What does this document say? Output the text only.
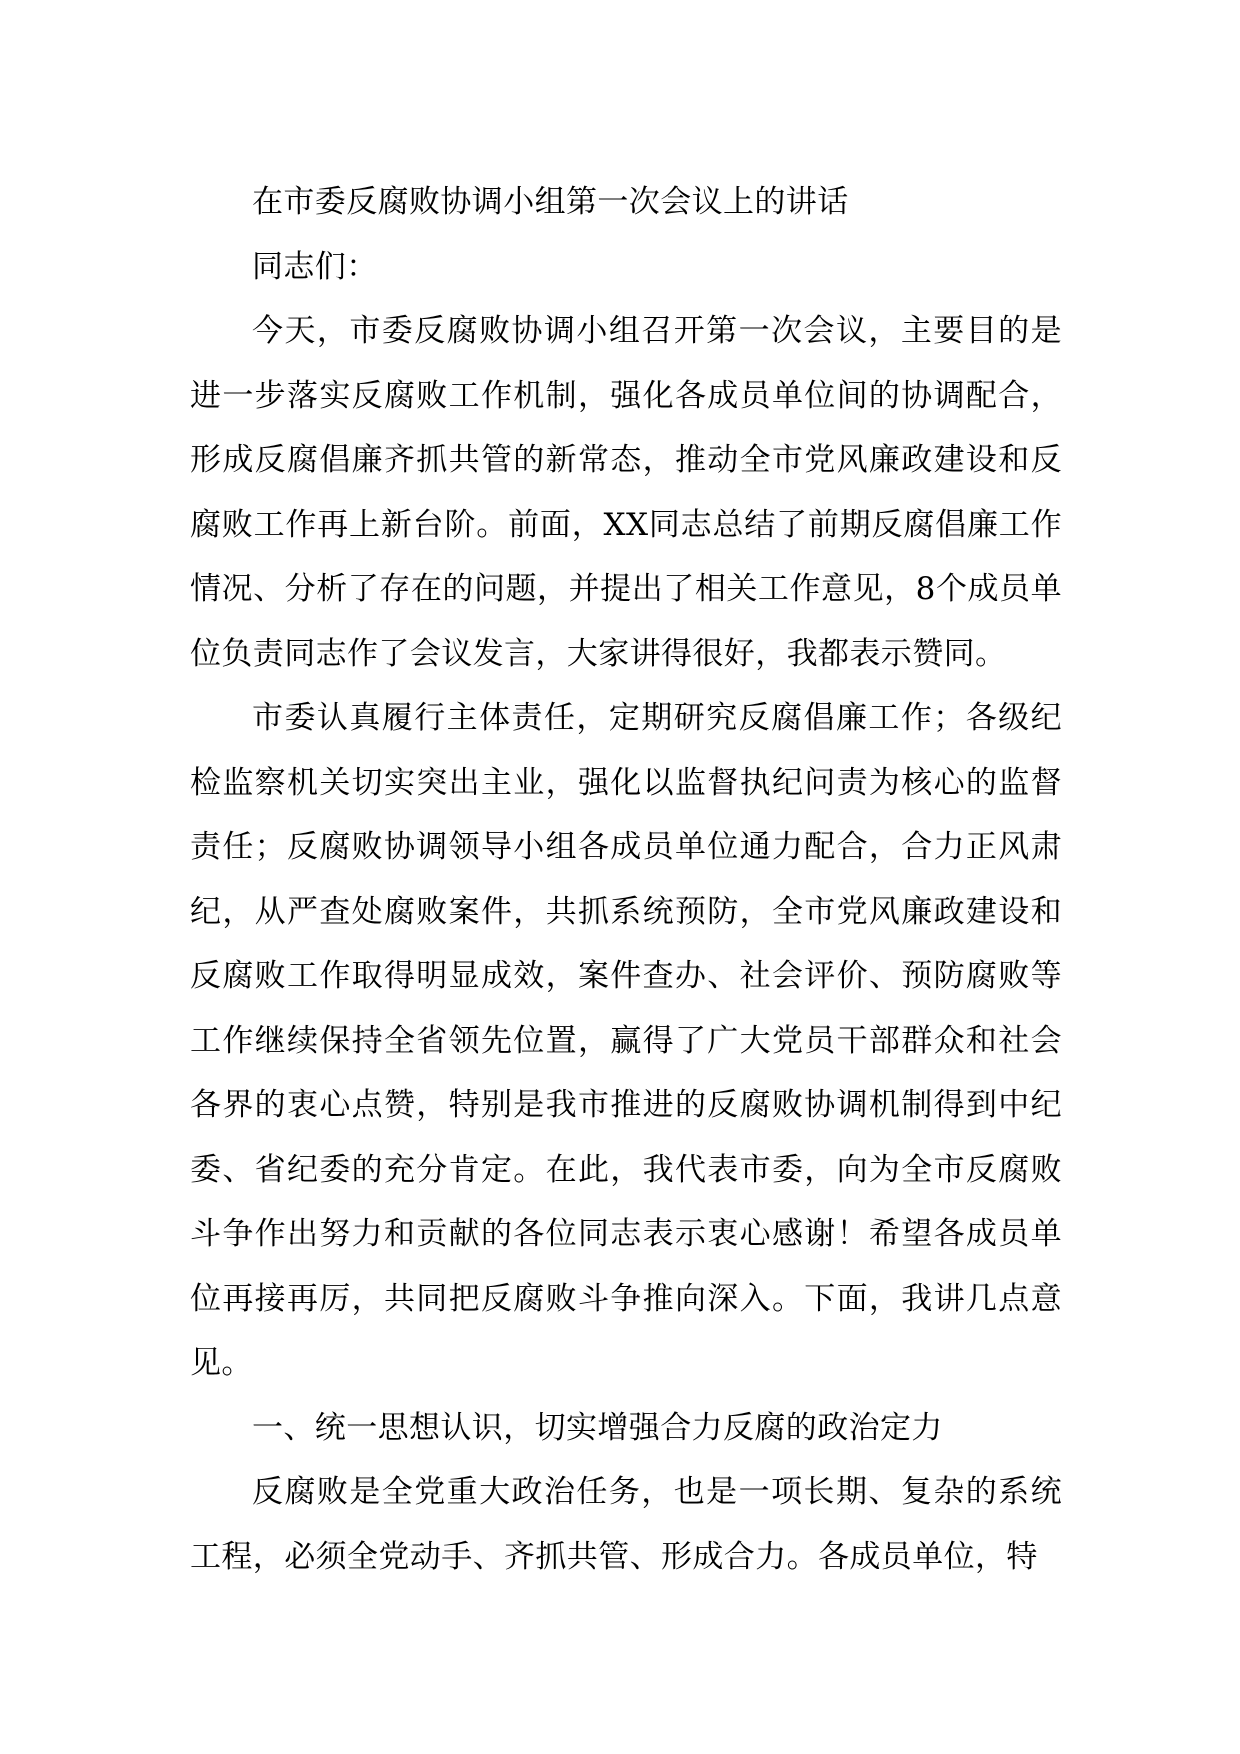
在市委反腐败协调小组第一次会议上的讲话

同志们：

今天，市委反腐败协调小组召开第一次会议，主要目的是进一步落实反腐败工作机制，强化各成员单位间的协调配合，形成反腐倡廉齐抓共管的新常态，推动全市党风廉政建设和反腐败工作再上新台阶。前面，XX同志总结了前期反腐倡廉工作情况、分析了存在的问题，并提出了相关工作意见，8个成员单位负责同志作了会议发言，大家讲得很好，我都表示赞同。

市委认真履行主体责任，定期研究反腐倡廉工作；各级纪检监察机关切实突出主业，强化以监督执纪问责为核心的监督责任；反腐败协调领导小组各成员单位通力配合，合力正风肃纪，从严查处腐败案件，共抓系统预防，全市党风廉政建设和反腐败工作取得明显成效，案件查办、社会评价、预防腐败等工作继续保持全省领先位置，赢得了广大党员干部群众和社会各界的衷心点赞，特别是我市推进的反腐败协调机制得到中纪委、省纪委的充分肯定。在此，我代表市委，向为全市反腐败斗争作出努力和贡献的各位同志表示衷心感谢！希望各成员单位再接再厉，共同把反腐败斗争推向深入。下面，我讲几点意见。

一、统一思想认识，切实增强合力反腐的政治定力

反腐败是全党重大政治任务，也是一项长期、复杂的系统工程，必须全党动手、齐抓共管、形成合力。各成员单位，特
